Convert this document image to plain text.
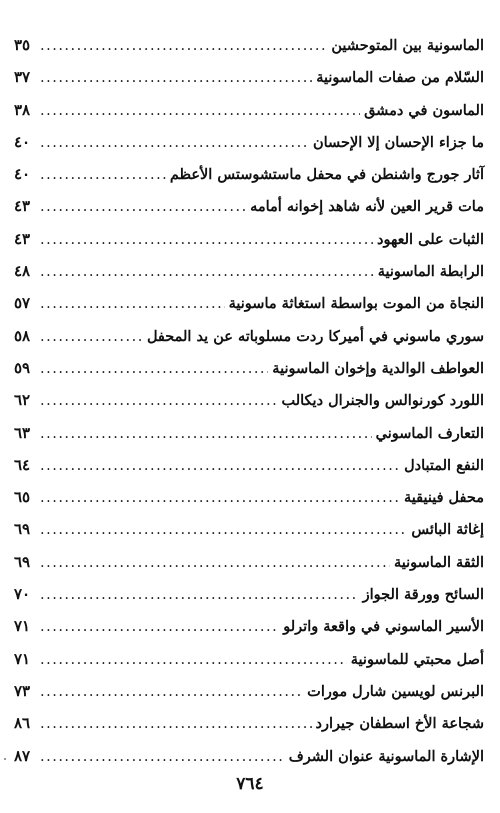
الماسونية بين المتوحشين
.....
٣٥
السّلام من صفات الماسونية
.....
٣٧
الماسون في دمشق
.....
٣٨
ما جزاء الإحسان إلا الإحسان
.....
٤٠
آثار جورج واشنطن في محفل ماستشوستس الأعظم
.....
٤٠
مات قرير العين لأنه شاهد إخوانه أمامه
.....
٤٣
الثبات على العهود
.....
٤٣
الرابطة الماسونية
.....
٤٨
النجاة من الموت بواسطة استغاثة ماسونية
.....
٥٧
سوري ماسوني في أميركا ردت مسلوباته عن يد المحفل
.....
٥٨
العواطف الوالدية وإخوان الماسونية
.....
٥٩
اللورد كورنوالس والجنرال ديكالب
.....
٦٢
التعارف الماسوني
.....
٦٣
النفع المتبادل
.....
٦٤
محفل فينيقية
.....
٦٥
إغاثة البائس
.....
٦٩
الثقة الماسونية
.....
٦٩
السائح وورقة الجواز
.....
٧٠
الأسير الماسوني في واقعة واترلو
.....
٧١
أصل محبتي للماسونية
.....
٧١
البرنس لويسين شارل مورات
.....
٧٣
شجاعة الأخ اسطفان جيرارد
.....
٨٦
الإشارة الماسونية عنوان الشرف
.....
٨٧
٧٦٤
